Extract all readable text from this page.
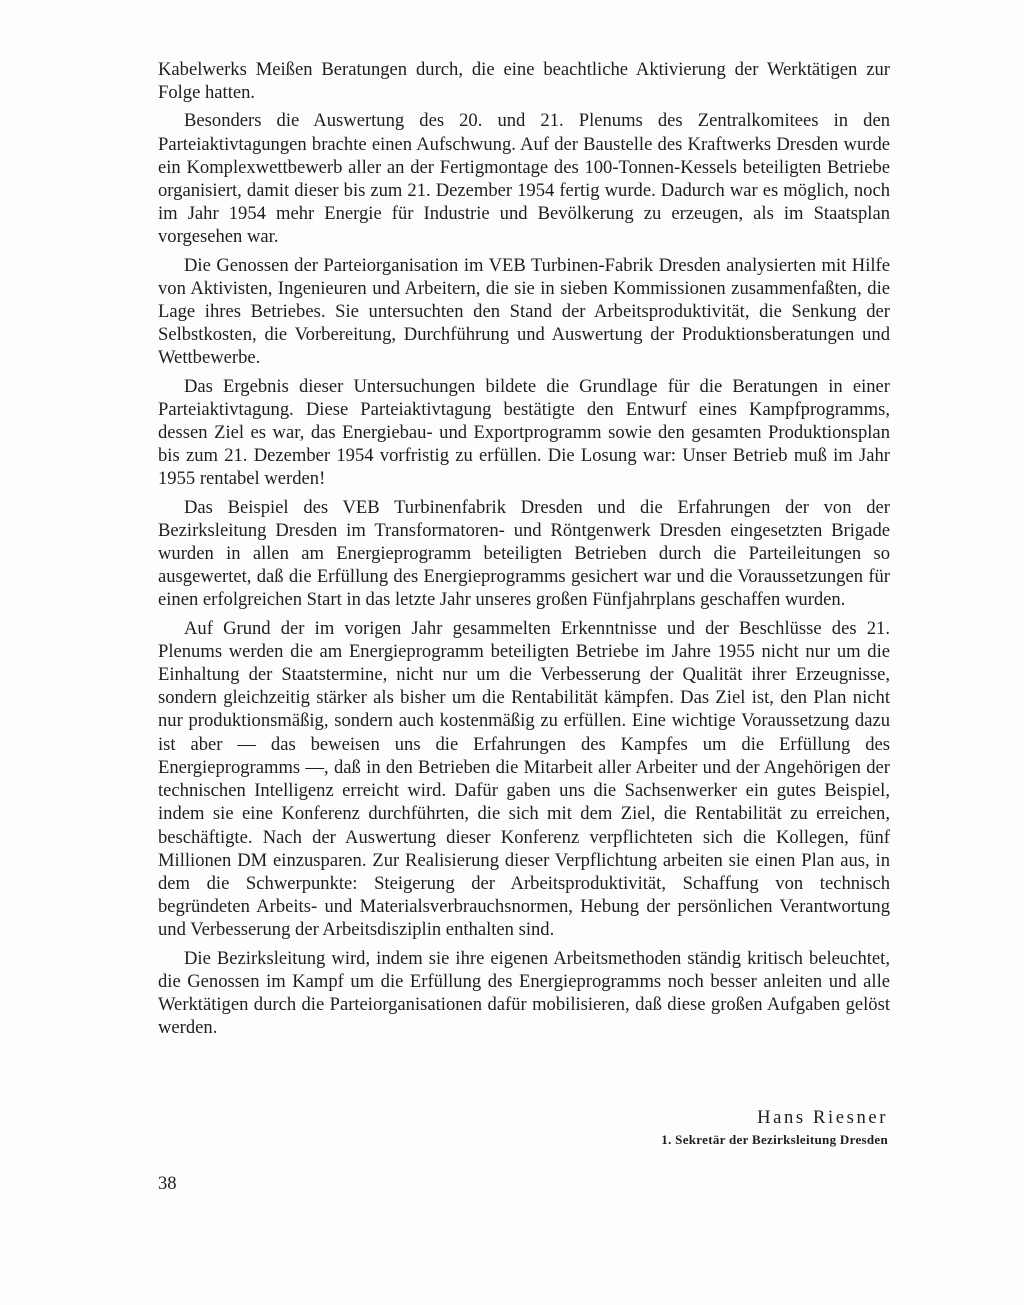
Kabelwerks Meißen Beratungen durch, die eine beachtliche Aktivierung der Werktätigen zur Folge hatten.

Besonders die Auswertung des 20. und 21. Plenums des Zentralkomitees in den Parteiaktivtagungen brachte einen Aufschwung. Auf der Baustelle des Kraftwerks Dresden wurde ein Komplexwettbewerb aller an der Fertigmontage des 100-Tonnen-Kessels beteiligten Betriebe organisiert, damit dieser bis zum 21. Dezember 1954 fertig wurde. Dadurch war es möglich, noch im Jahr 1954 mehr Energie für Industrie und Bevölkerung zu erzeugen, als im Staatsplan vorgesehen war.

Die Genossen der Parteiorganisation im VEB Turbinen-Fabrik Dresden analysierten mit Hilfe von Aktivisten, Ingenieuren und Arbeitern, die sie in sieben Kommissionen zusammenfaßten, die Lage ihres Betriebes. Sie untersuchten den Stand der Arbeitsproduktivität, die Senkung der Selbstkosten, die Vorbereitung, Durchführung und Auswertung der Produktionsberatungen und Wettbewerbe.

Das Ergebnis dieser Untersuchungen bildete die Grundlage für die Beratungen in einer Parteiaktivtagung. Diese Parteiaktivtagung bestätigte den Entwurf eines Kampfprogramms, dessen Ziel es war, das Energiebau- und Exportprogramm sowie den gesamten Produktionsplan bis zum 21. Dezember 1954 vorfristig zu erfüllen. Die Losung war: Unser Betrieb muß im Jahr 1955 rentabel werden!

Das Beispiel des VEB Turbinenfabrik Dresden und die Erfahrungen der von der Bezirksleitung Dresden im Transformatoren- und Röntgenwerk Dresden eingesetzten Brigade wurden in allen am Energieprogramm beteiligten Betrieben durch die Parteileitungen so ausgewertet, daß die Erfüllung des Energieprogramms gesichert war und die Voraussetzungen für einen erfolgreichen Start in das letzte Jahr unseres großen Fünfjahrplans geschaffen wurden.

Auf Grund der im vorigen Jahr gesammelten Erkenntnisse und der Beschlüsse des 21. Plenums werden die am Energieprogramm beteiligten Betriebe im Jahre 1955 nicht nur um die Einhaltung der Staatstermine, nicht nur um die Verbesserung der Qualität ihrer Erzeugnisse, sondern gleichzeitig stärker als bisher um die Rentabilität kämpfen. Das Ziel ist, den Plan nicht nur produktionsmäßig, sondern auch kostenmäßig zu erfüllen. Eine wichtige Voraussetzung dazu ist aber — das beweisen uns die Erfahrungen des Kampfes um die Erfüllung des Energieprogramms —, daß in den Betrieben die Mitarbeit aller Arbeiter und der Angehörigen der technischen Intelligenz erreicht wird. Dafür gaben uns die Sachsenwerker ein gutes Beispiel, indem sie eine Konferenz durchführten, die sich mit dem Ziel, die Rentabilität zu erreichen, beschäftigte. Nach der Auswertung dieser Konferenz verpflichteten sich die Kollegen, fünf Millionen DM einzusparen. Zur Realisierung dieser Verpflichtung arbeiten sie einen Plan aus, in dem die Schwerpunkte: Steigerung der Arbeitsproduktivität, Schaffung von technisch begründeten Arbeits- und Materialsverbrauchsnormen, Hebung der persönlichen Verantwortung und Verbesserung der Arbeitsdisziplin enthalten sind.

Die Bezirksleitung wird, indem sie ihre eigenen Arbeitsmethoden ständig kritisch beleuchtet, die Genossen im Kampf um die Erfüllung des Energieprogramms noch besser anleiten und alle Werktätigen durch die Parteiorganisationen dafür mobilisieren, daß diese großen Aufgaben gelöst werden.

Hans Riesner
1. Sekretär der Bezirksleitung Dresden
38
